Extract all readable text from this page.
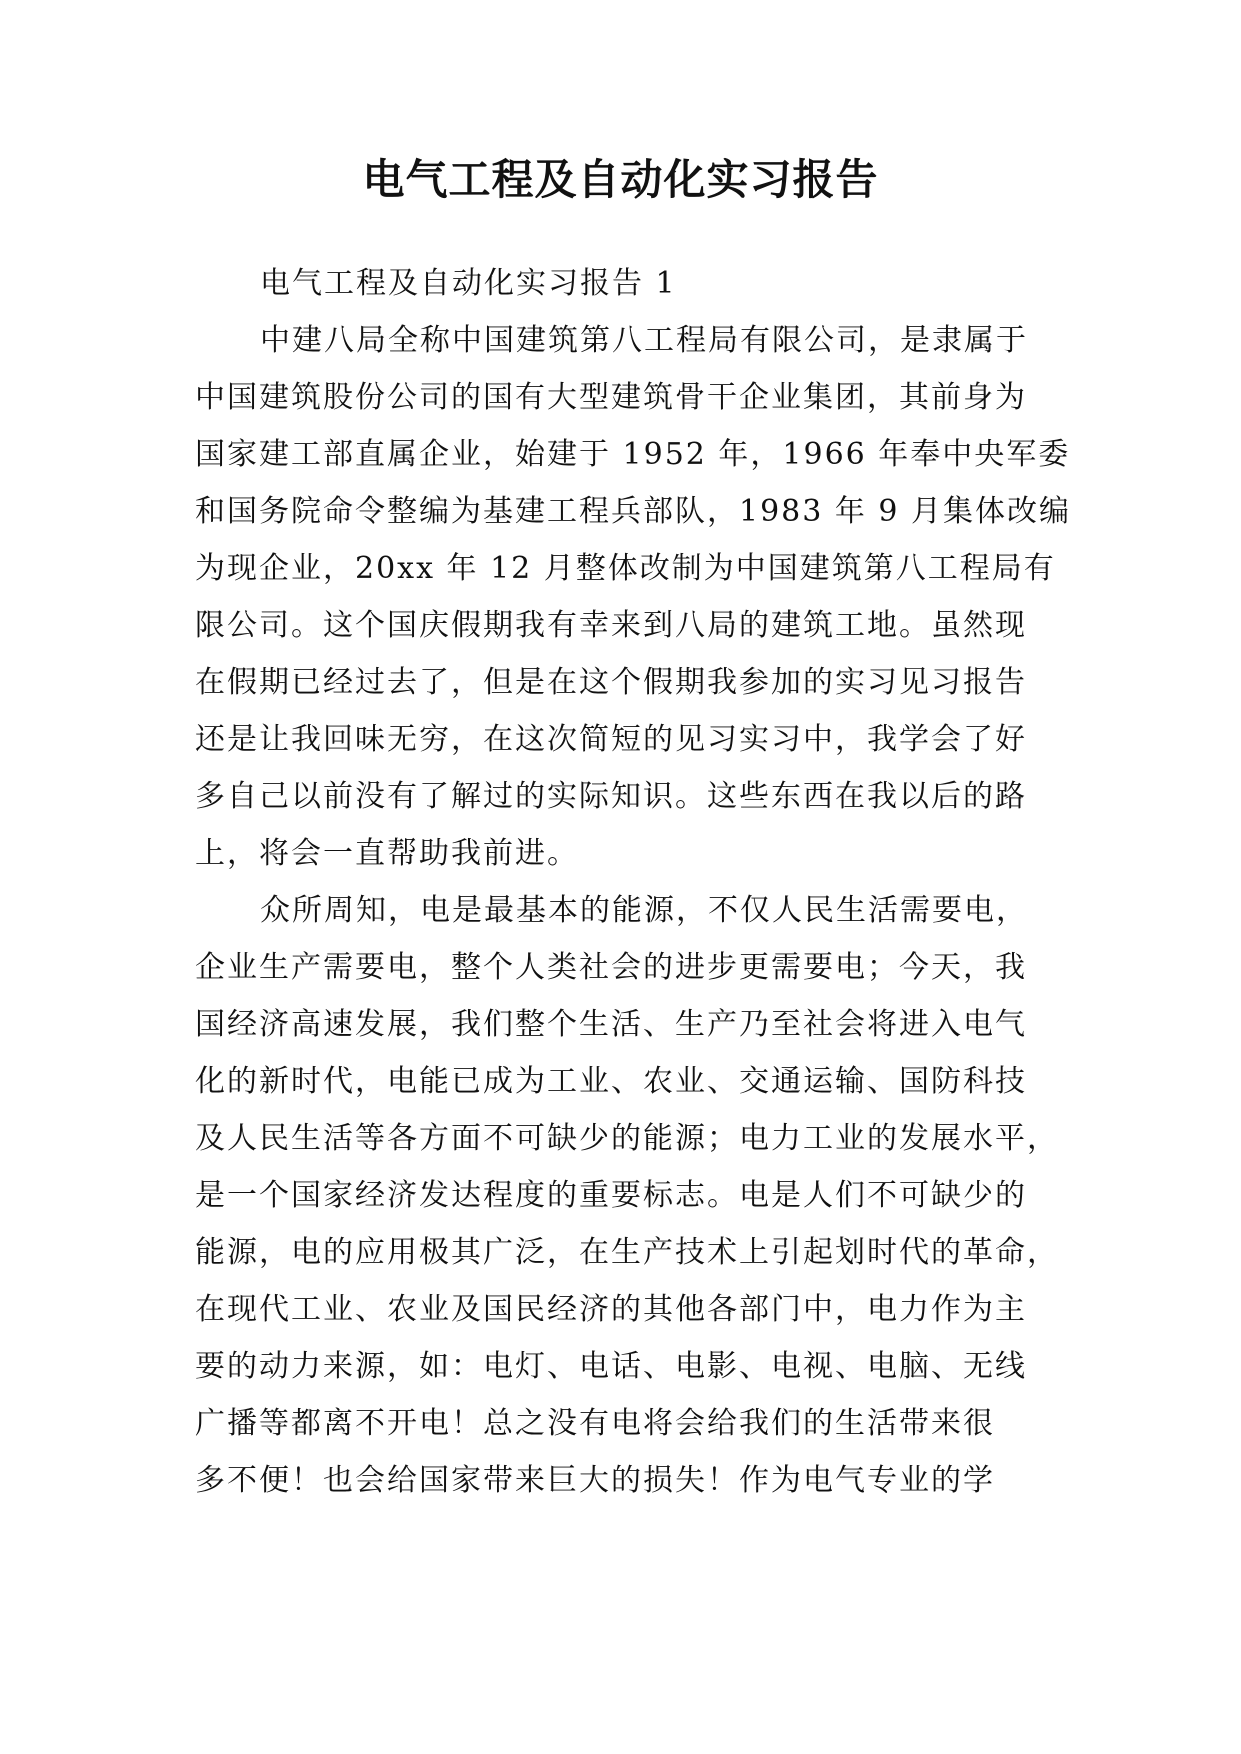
电气工程及自动化实习报告
电气工程及自动化实习报告 1
中建八局全称中国建筑第八工程局有限公司，是隶属于
中国建筑股份公司的国有大型建筑骨干企业集团，其前身为
国家建工部直属企业，始建于 1952 年，1966 年奉中央军委
和国务院命令整编为基建工程兵部队，1983 年 9 月集体改编
为现企业，20xx 年 12 月整体改制为中国建筑第八工程局有
限公司。这个国庆假期我有幸来到八局的建筑工地。虽然现
在假期已经过去了，但是在这个假期我参加的实习见习报告
还是让我回味无穷，在这次简短的见习实习中，我学会了好
多自己以前没有了解过的实际知识。这些东西在我以后的路
上，将会一直帮助我前进。
众所周知，电是最基本的能源，不仅人民生活需要电，
企业生产需要电，整个人类社会的进步更需要电；今天，我
国经济高速发展，我们整个生活、生产乃至社会将进入电气
化的新时代，电能已成为工业、农业、交通运输、国防科技
及人民生活等各方面不可缺少的能源；电力工业的发展水平，
是一个国家经济发达程度的重要标志。电是人们不可缺少的
能源，电的应用极其广泛，在生产技术上引起划时代的革命，
在现代工业、农业及国民经济的其他各部门中，电力作为主
要的动力来源，如：电灯、电话、电影、电视、电脑、无线
广播等都离不开电！总之没有电将会给我们的生活带来很
多不便！也会给国家带来巨大的损失！作为电气专业的学
